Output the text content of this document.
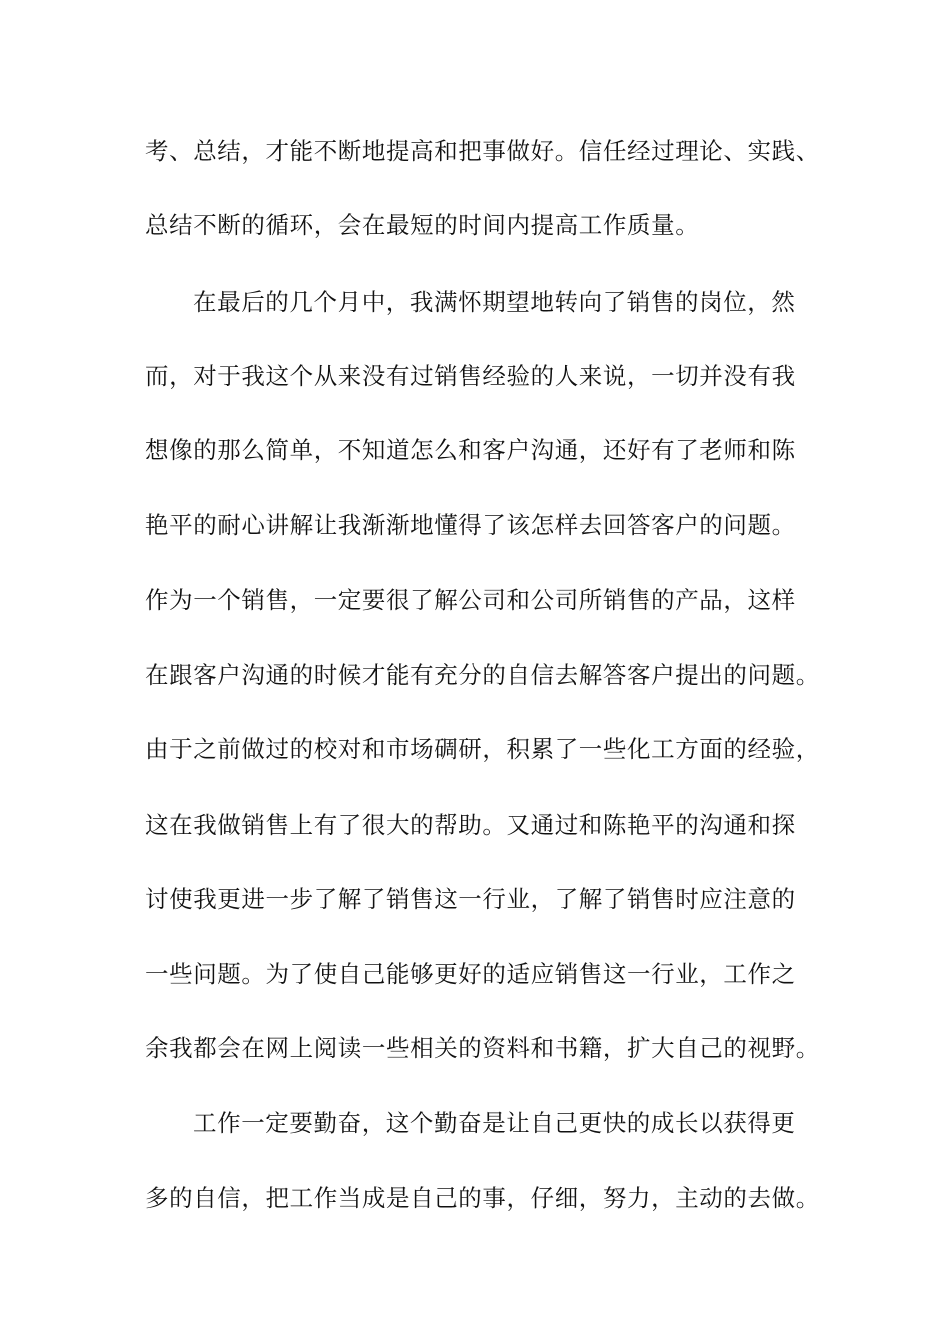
考、总结，才能不断地提高和把事做好。信任经过理论、实践、
总结不断的循环，会在最短的时间内提高工作质量。
在最后的几个月中，我满怀期望地转向了销售的岗位，然
而，对于我这个从来没有过销售经验的人来说，一切并没有我
想像的那么简单，不知道怎么和客户沟通，还好有了老师和陈
艳平的耐心讲解让我渐渐地懂得了该怎样去回答客户的问题。
作为一个销售，一定要很了解公司和公司所销售的产品，这样
在跟客户沟通的时候才能有充分的自信去解答客户提出的问题。
由于之前做过的校对和市场碉研，积累了一些化工方面的经验，
这在我做销售上有了很大的帮助。又通过和陈艳平的沟通和探
讨使我更进一步了解了销售这一行业，了解了销售时应注意的
一些问题。为了使自己能够更好的适应销售这一行业，工作之
余我都会在网上阅读一些相关的资料和书籍，扩大自己的视野。
工作一定要勤奋，这个勤奋是让自己更快的成长以获得更
多的自信，把工作当成是自己的事，仔细，努力，主动的去做。
